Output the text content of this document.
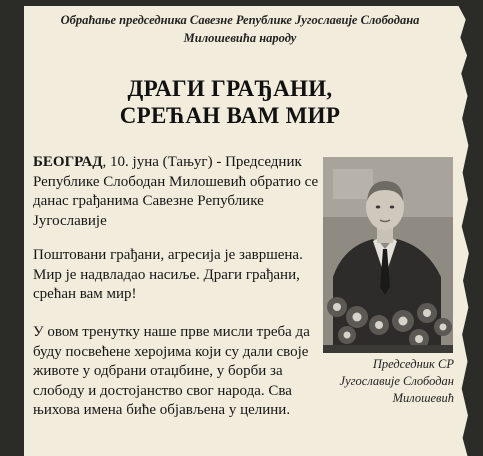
Обраћање председника Савезне Републике Југославије Слободана Милошевића народу
ДРАГИ ГРАЂАНИ,
СРЕЋАН ВАМ МИР
БЕОГРАД, 10. јуна (Тањуг) - Председник Републике Слободан Милошевић обратио се данас грађанима Савезне Републике Југославије
Поштовани грађани, агресија је завршена. Мир је надвладао насиље. Драги грађани, срећан вам мир!
У овом тренутку наше прве мисли треба да буду посвећене херојима који су дали своје животе у одбрани отаџбине, у борби за слободу и достојанство свог народа. Сва њихова имена биће објављена у целини.
Председник СР Југославије Слободан Милошевић
